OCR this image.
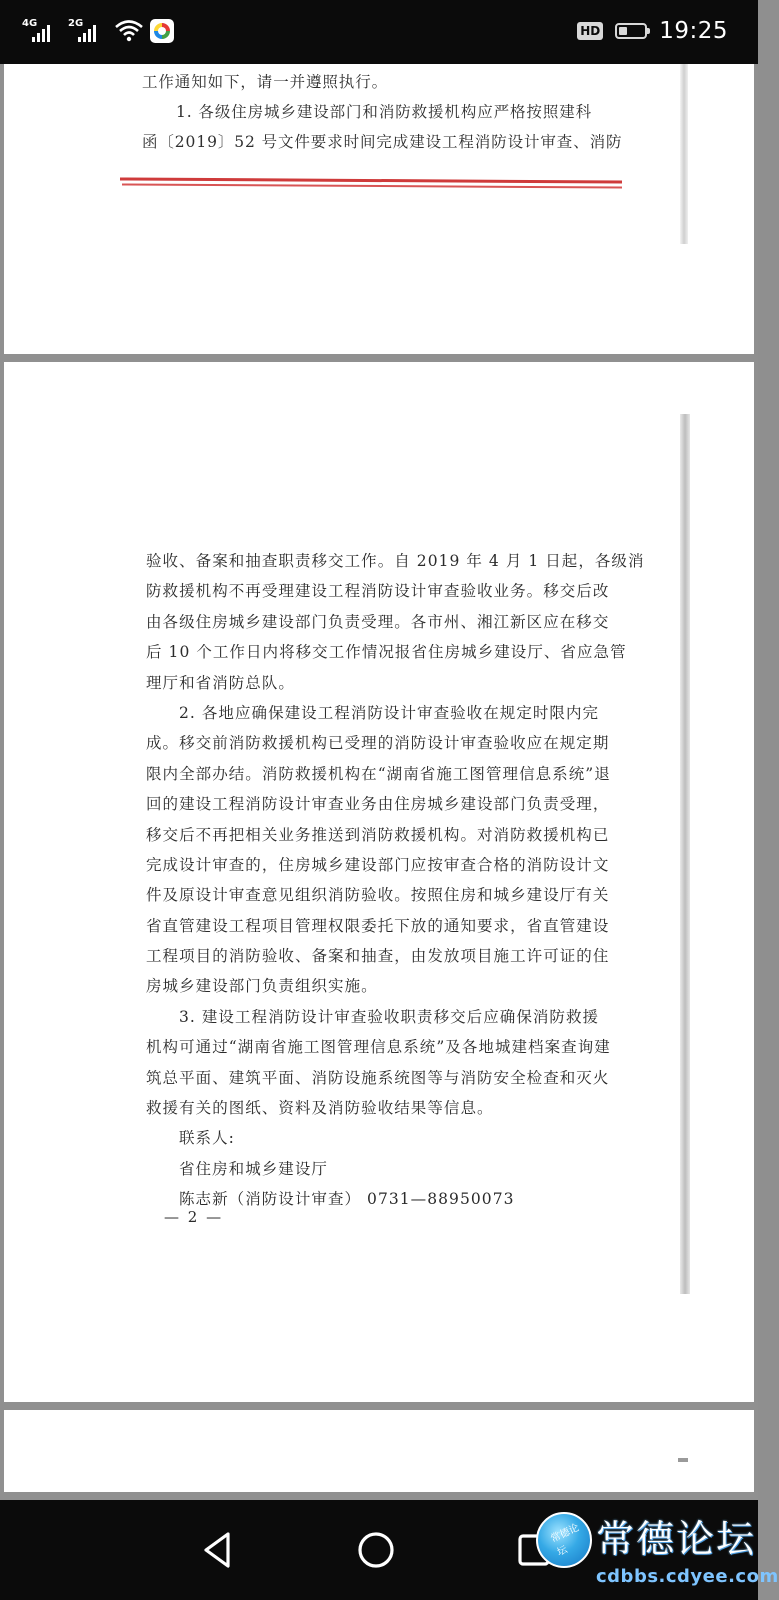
4G	2G
HD	19:25
工作通知如下，请一并遵照执行。
1. 各级住房城乡建设部门和消防救援机构应严格按照建科
函〔2019〕52 号文件要求时间完成建设工程消防设计审查、消防
验收、备案和抽查职责移交工作。自 2019 年 4 月 1 日起，各级消
防救援机构不再受理建设工程消防设计审查验收业务。移交后改
由各级住房城乡建设部门负责受理。各市州、湘江新区应在移交
后 10 个工作日内将移交工作情况报省住房城乡建设厅、省应急管
理厅和省消防总队。
2. 各地应确保建设工程消防设计审查验收在规定时限内完
成。移交前消防救援机构已受理的消防设计审查验收应在规定期
限内全部办结。消防救援机构在“湖南省施工图管理信息系统”退
回的建设工程消防设计审查业务由住房城乡建设部门负责受理，
移交后不再把相关业务推送到消防救援机构。对消防救援机构已
完成设计审查的，住房城乡建设部门应按审查合格的消防设计文
件及原设计审查意见组织消防验收。按照住房和城乡建设厅有关
省直管建设工程项目管理权限委托下放的通知要求，省直管建设
工程项目的消防验收、备案和抽查，由发放项目施工许可证的住
房城乡建设部门负责组织实施。
3. 建设工程消防设计审查验收职责移交后应确保消防救援
机构可通过“湖南省施工图管理信息系统”及各地城建档案查询建
筑总平面、建筑平面、消防设施系统图等与消防安全检查和灭火
救援有关的图纸、资料及消防验收结果等信息。
联系人:
省住房和城乡建设厅
陈志新（消防设计审查） 0731—88950073
— 2 —
常德论坛 常德论坛
cdbbs.cdyee.com
